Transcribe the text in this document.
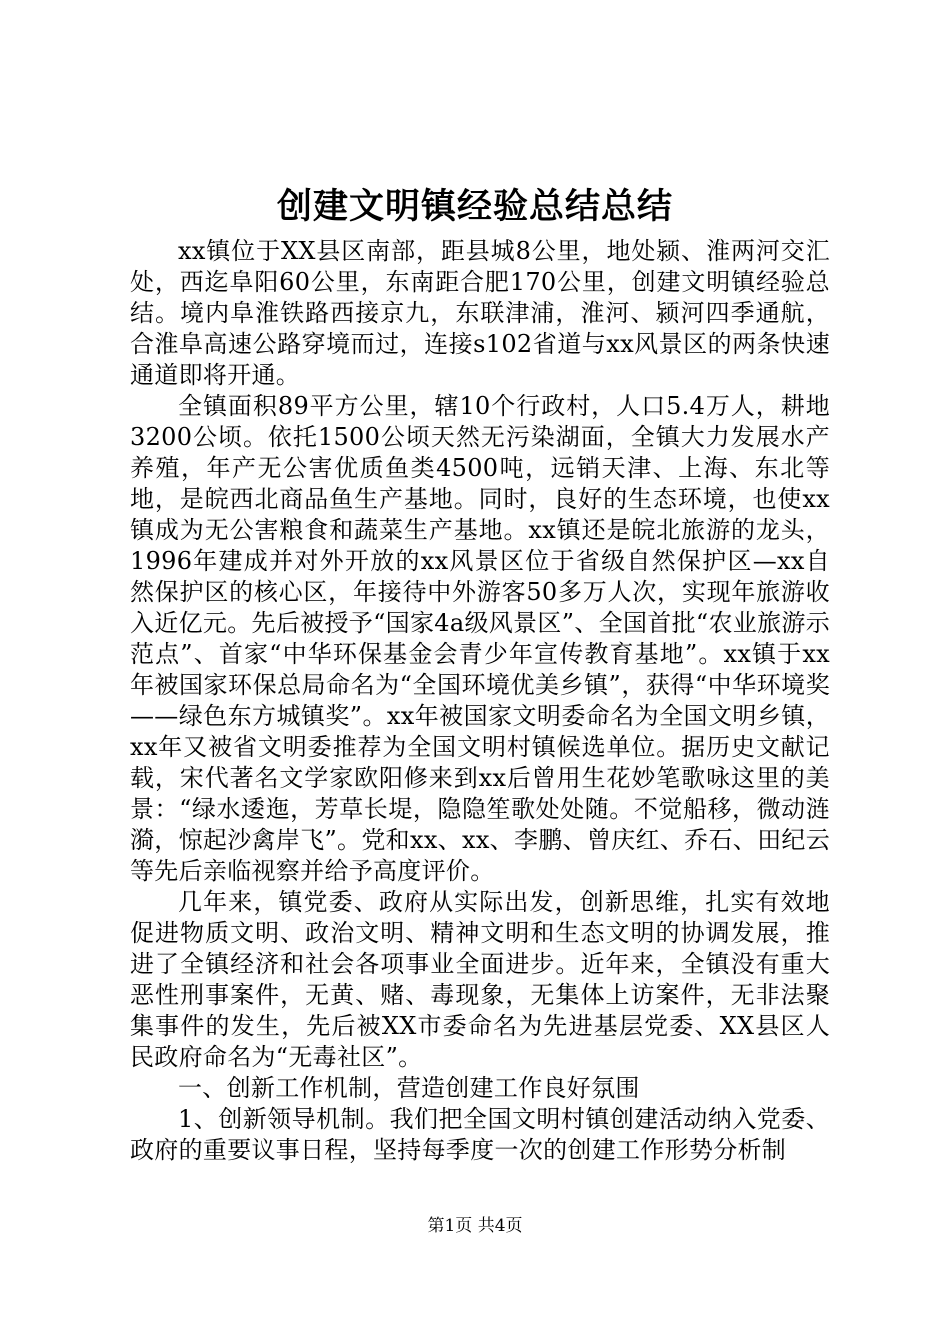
创建文明镇经验总结总结

xx镇位于XX县区南部，距县城8公里，地处颍、淮两河交汇处，西迄阜阳60公里，东南距合肥170公里，创建文明镇经验总结。境内阜淮铁路西接京九，东联津浦，淮河、颍河四季通航，合淮阜高速公路穿境而过，连接s102省道与xx风景区的两条快速通道即将开通。

全镇面积89平方公里，辖10个行政村，人口5.4万人，耕地3200公顷。依托1500公顷天然无污染湖面，全镇大力发展水产养殖，年产无公害优质鱼类4500吨，远销天津、上海、东北等地，是皖西北商品鱼生产基地。同时，良好的生态环境，也使xx镇成为无公害粮食和蔬菜生产基地。xx镇还是皖北旅游的龙头，1996年建成并对外开放的xx风景区位于省级自然保护区—xx自然保护区的核心区，年接待中外游客50多万人次，实现年旅游收入近亿元。先后被授予“国家4a级风景区”、全国首批“农业旅游示范点”、首家“中华环保基金会青少年宣传教育基地”。xx镇于xx年被国家环保总局命名为“全国环境优美乡镇”，获得“中华环境奖——绿色东方城镇奖”。xx年被国家文明委命名为全国文明乡镇，xx年又被省文明委推荐为全国文明村镇候选单位。据历史文献记载，宋代著名文学家欧阳修来到xx后曾用生花妙笔歌咏这里的美景：“绿水逶迤，芳草长堤，隐隐笙歌处处随。不觉船移，微动涟漪，惊起沙禽岸飞”。党和xx、xx、李鹏、曾庆红、乔石、田纪云等先后亲临视察并给予高度评价。

几年来，镇党委、政府从实际出发，创新思维，扎实有效地促进物质文明、政治文明、精神文明和生态文明的协调发展，推进了全镇经济和社会各项事业全面进步。近年来，全镇没有重大恶性刑事案件，无黄、赌、毒现象，无集体上访案件，无非法聚集事件的发生，先后被XX市委命名为先进基层党委、XX县区人民政府命名为“无毒社区”。

一、创新工作机制，营造创建工作良好氛围

1、创新领导机制。我们把全国文明村镇创建活动纳入党委、政府的重要议事日程，坚持每季度一次的创建工作形势分析制

第1页 共4页
